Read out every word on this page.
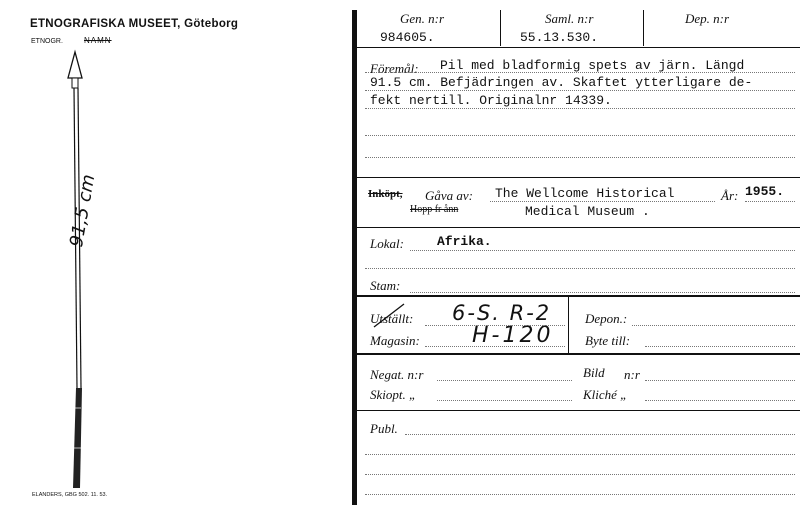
ETNOGRAFISKA MUSEET, Göteborg
ETNOGR.	NAMN
91,5 cm
ELANDERS, GBG 502. 11. 53.
Gen. n:r	Saml. n:r	Dep. n:r
984605.	55.13.530.
Föremål: Pil med bladformig spets av järn. Längd
91.5 cm. Befjädringen av. Skaftet ytterligare de-
fekt nertill. Originalnr 14339.
Inköpt, Gåva av: The Wellcome Historical	År: 1955.
Hopp fr ånn	Medical Museum .
Lokal:	Afrika.
Stam:
Utställt: 6-S. R-2
Magasin: H-120
Depon.:
Byte till:
Negat. n:r	Bild n:r
Skiopt. „	Kliché „
Publ.
